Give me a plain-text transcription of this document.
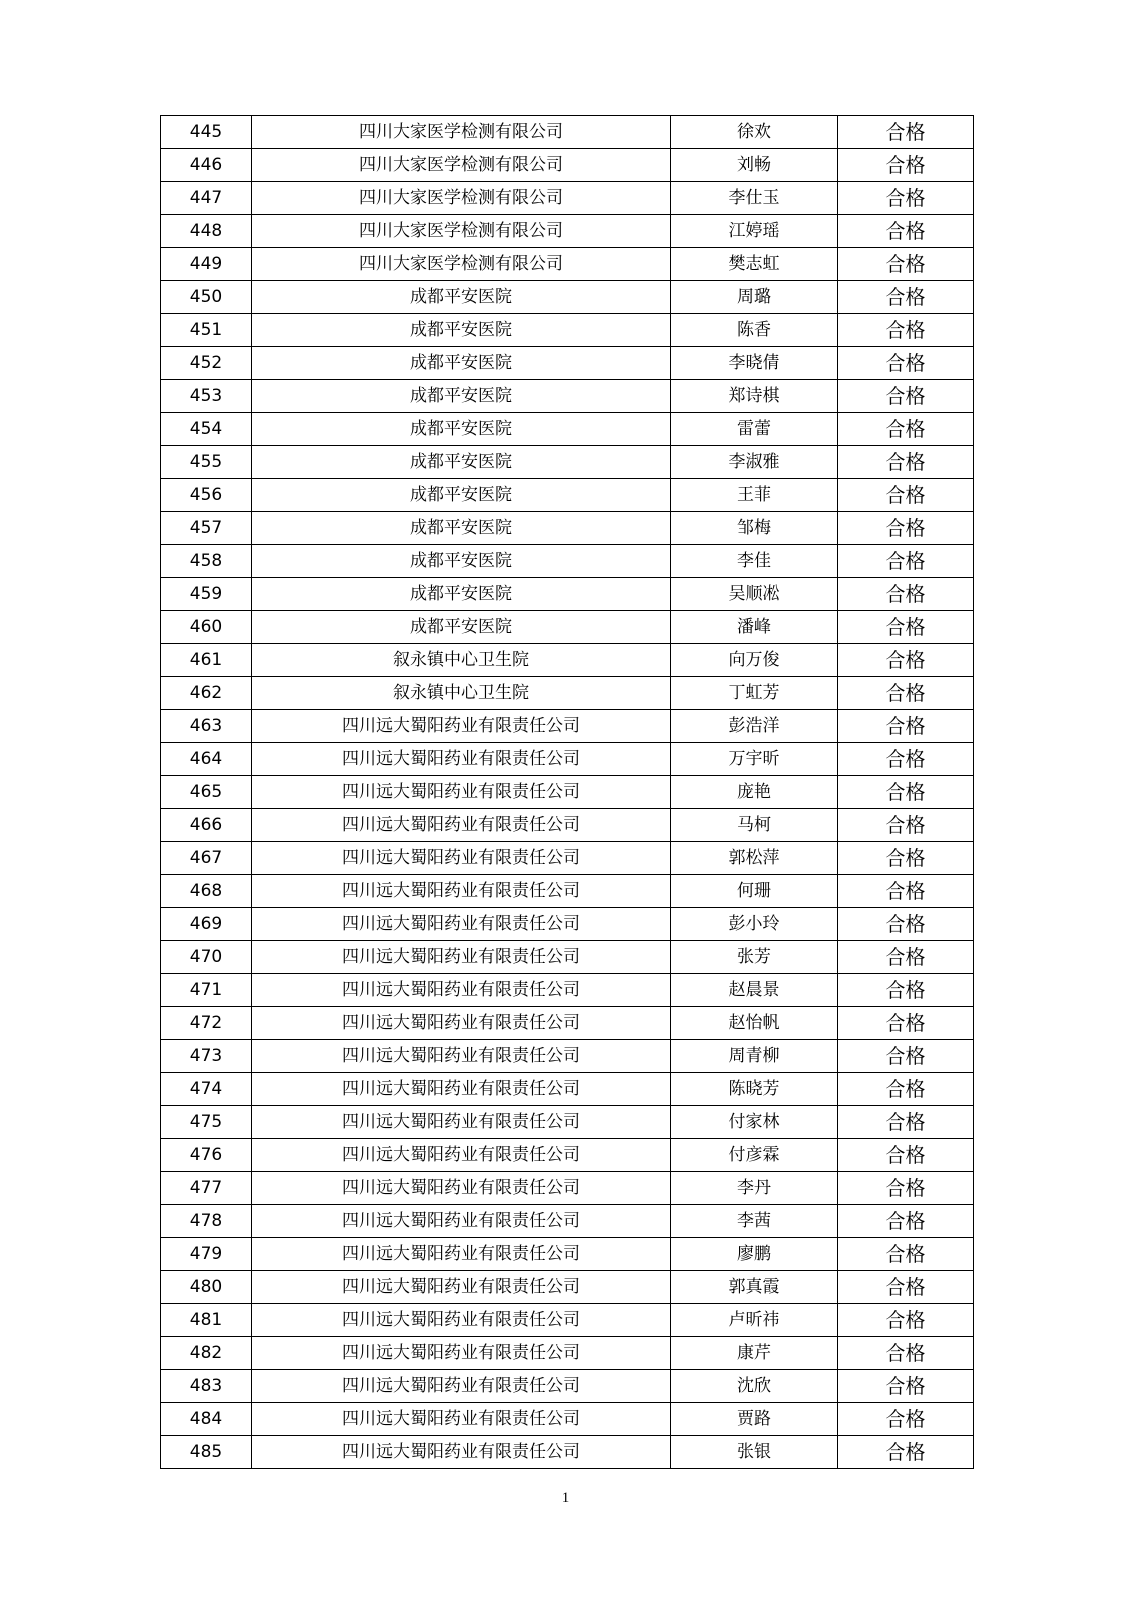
445	四川大家医学检测有限公司	徐欢	合格
446	四川大家医学检测有限公司	刘畅	合格
447	四川大家医学检测有限公司	李仕玉	合格
448	四川大家医学检测有限公司	江婷瑶	合格
449	四川大家医学检测有限公司	樊志虹	合格
450	成都平安医院	周璐	合格
451	成都平安医院	陈香	合格
452	成都平安医院	李晓倩	合格
453	成都平安医院	郑诗棋	合格
454	成都平安医院	雷蕾	合格
455	成都平安医院	李淑雅	合格
456	成都平安医院	王菲	合格
457	成都平安医院	邹梅	合格
458	成都平安医院	李佳	合格
459	成都平安医院	吴顺凇	合格
460	成都平安医院	潘峰	合格
461	叙永镇中心卫生院	向万俊	合格
462	叙永镇中心卫生院	丁虹芳	合格
463	四川远大蜀阳药业有限责任公司	彭浩洋	合格
464	四川远大蜀阳药业有限责任公司	万宇昕	合格
465	四川远大蜀阳药业有限责任公司	庞艳	合格
466	四川远大蜀阳药业有限责任公司	马柯	合格
467	四川远大蜀阳药业有限责任公司	郭松萍	合格
468	四川远大蜀阳药业有限责任公司	何珊	合格
469	四川远大蜀阳药业有限责任公司	彭小玲	合格
470	四川远大蜀阳药业有限责任公司	张芳	合格
471	四川远大蜀阳药业有限责任公司	赵晨景	合格
472	四川远大蜀阳药业有限责任公司	赵怡帆	合格
473	四川远大蜀阳药业有限责任公司	周青柳	合格
474	四川远大蜀阳药业有限责任公司	陈晓芳	合格
475	四川远大蜀阳药业有限责任公司	付家林	合格
476	四川远大蜀阳药业有限责任公司	付彦霖	合格
477	四川远大蜀阳药业有限责任公司	李丹	合格
478	四川远大蜀阳药业有限责任公司	李茜	合格
479	四川远大蜀阳药业有限责任公司	廖鹏	合格
480	四川远大蜀阳药业有限责任公司	郭真霞	合格
481	四川远大蜀阳药业有限责任公司	卢昕祎	合格
482	四川远大蜀阳药业有限责任公司	康芹	合格
483	四川远大蜀阳药业有限责任公司	沈欣	合格
484	四川远大蜀阳药业有限责任公司	贾路	合格
485	四川远大蜀阳药业有限责任公司	张银	合格
1
